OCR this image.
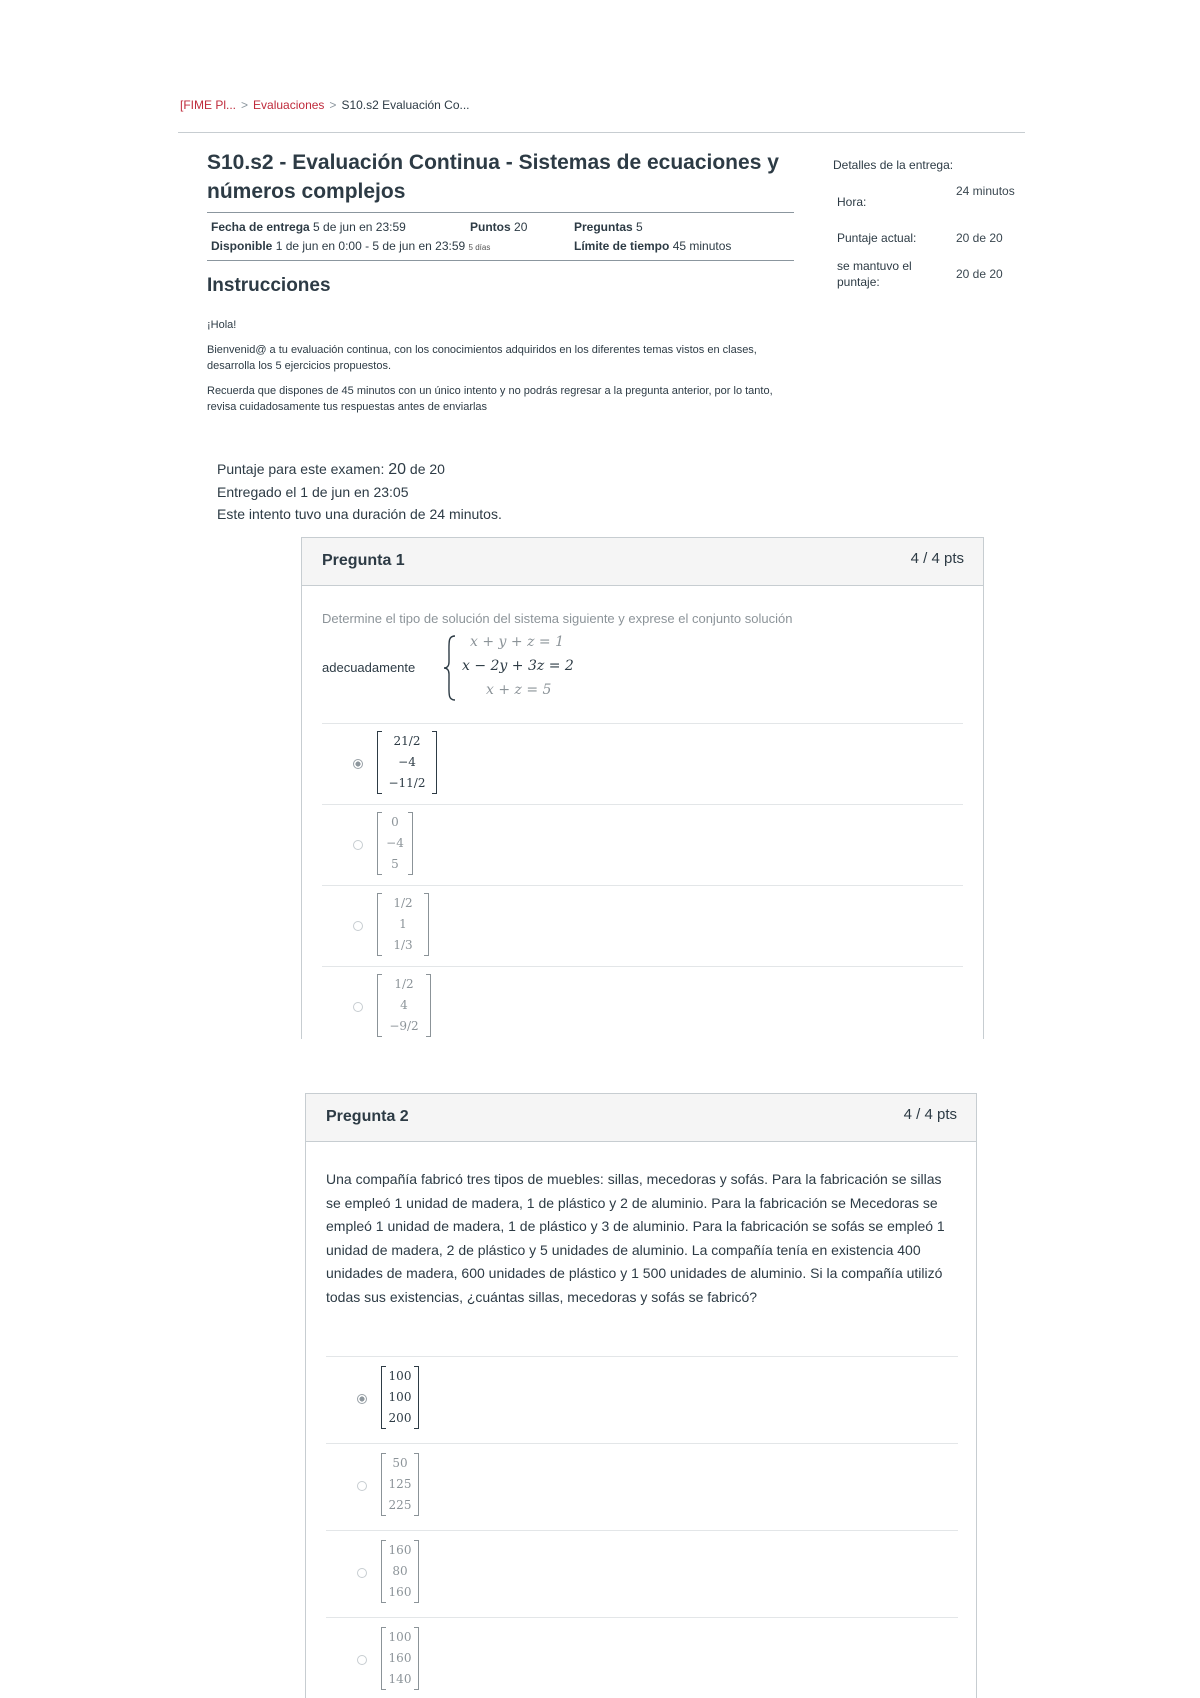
[FIME Pl... > Evaluaciones > S10.s2 Evaluación Co...
S10.s2 - Evaluación Continua - Sistemas de ecuaciones y números complejos
Fecha de entrega 5 de jun en 23:59	Puntos 20	Preguntas 5
Disponible 1 de jun en 0:00 - 5 de jun en 23:59 5 días	Límite de tiempo 45 minutos
Instrucciones

¡Hola!

Bienvenid@ a tu evaluación continua, con los conocimientos adquiridos en los diferentes temas vistos en clases, desarrolla los 5 ejercicios propuestos.

Recuerda que dispones de 45 minutos con un único intento y no podrás regresar a la pregunta anterior, por lo tanto, revisa cuidadosamente tus respuestas antes de enviarlas

Detalles de la entrega:
Hora:
24 minutos
Puntaje actual:	20 de 20
se mantuvo el puntaje:
20 de 20
Puntaje para este examen: 20 de 20
Entregado el 1 de jun en 23:05
Este intento tuvo una duración de 24 minutos.
Pregunta 1	4 / 4 pts
Determine el tipo de solución del sistema siguiente y exprese el conjunto solución
adecuadamente
x + y + z = 1
x − 2y + 3z = 2
x + z = 5
21/2
−4
−11/2
0
−4
5
1/2
1
1/3
1/2
4
−9/2
Pregunta 2	4 / 4 pts
Una compañía fabricó tres tipos de muebles: sillas, mecedoras y sofás. Para la fabricación se sillas se empleó 1 unidad de madera, 1 de plástico y 2 de aluminio. Para la fabricación se Mecedoras se empleó 1 unidad de madera, 1 de plástico y 3 de aluminio. Para la fabricación se sofás se empleó 1 unidad de madera, 2 de plástico y 5 unidades de aluminio. La compañía tenía en existencia 400 unidades de madera, 600 unidades de plástico y 1 500 unidades de aluminio. Si la compañía utilizó todas sus existencias, ¿cuántas sillas, mecedoras y sofás se fabricó?
100
100
200
50
125
225
160
80
160
100
160
140
